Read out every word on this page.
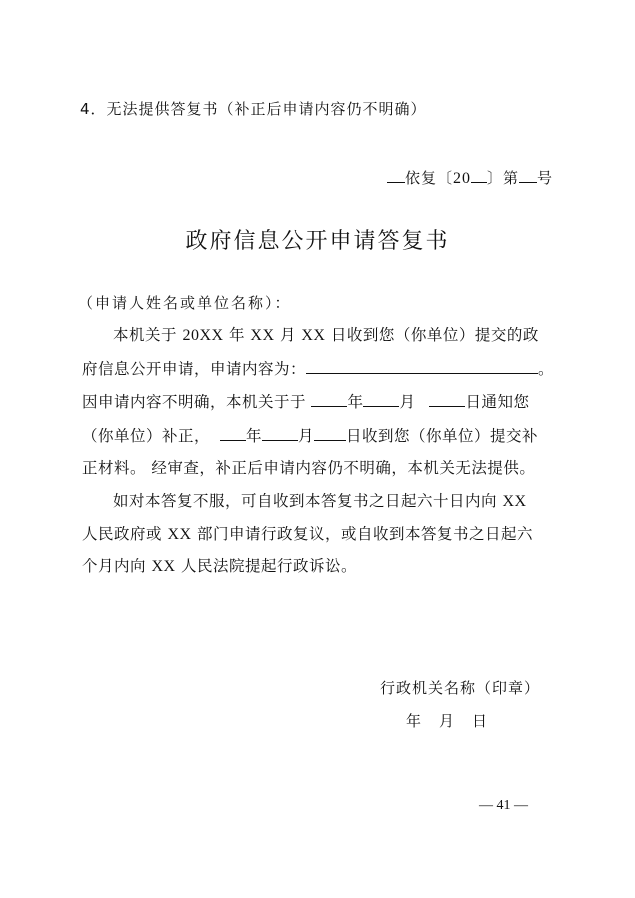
4．无法提供答复书（补正后申请内容仍不明确）
依复〔20 〕第 号
政府信息公开申请答复书
（申请人姓名或单位名称）：
本机关于 20XX 年 XX 月 XX 日收到您（你单位）提交的政
府信息公开申请，申请内容为：	。
因申请内容不明确，本机关于于 年 月	日通知您
（你单位）补正， 年 月 日收到您（你单位）提交补
正材料。 经审查，补正后申请内容仍不明确，本机关无法提供。
如对本答复不服，可自收到本答复书之日起六十日内向 XX
人民政府或 XX 部门申请行政复议，或自收到本答复书之日起六
个月内向 XX 人民法院提起行政诉讼。
行政机关名称（印章）
年 月 日
— 41 —
